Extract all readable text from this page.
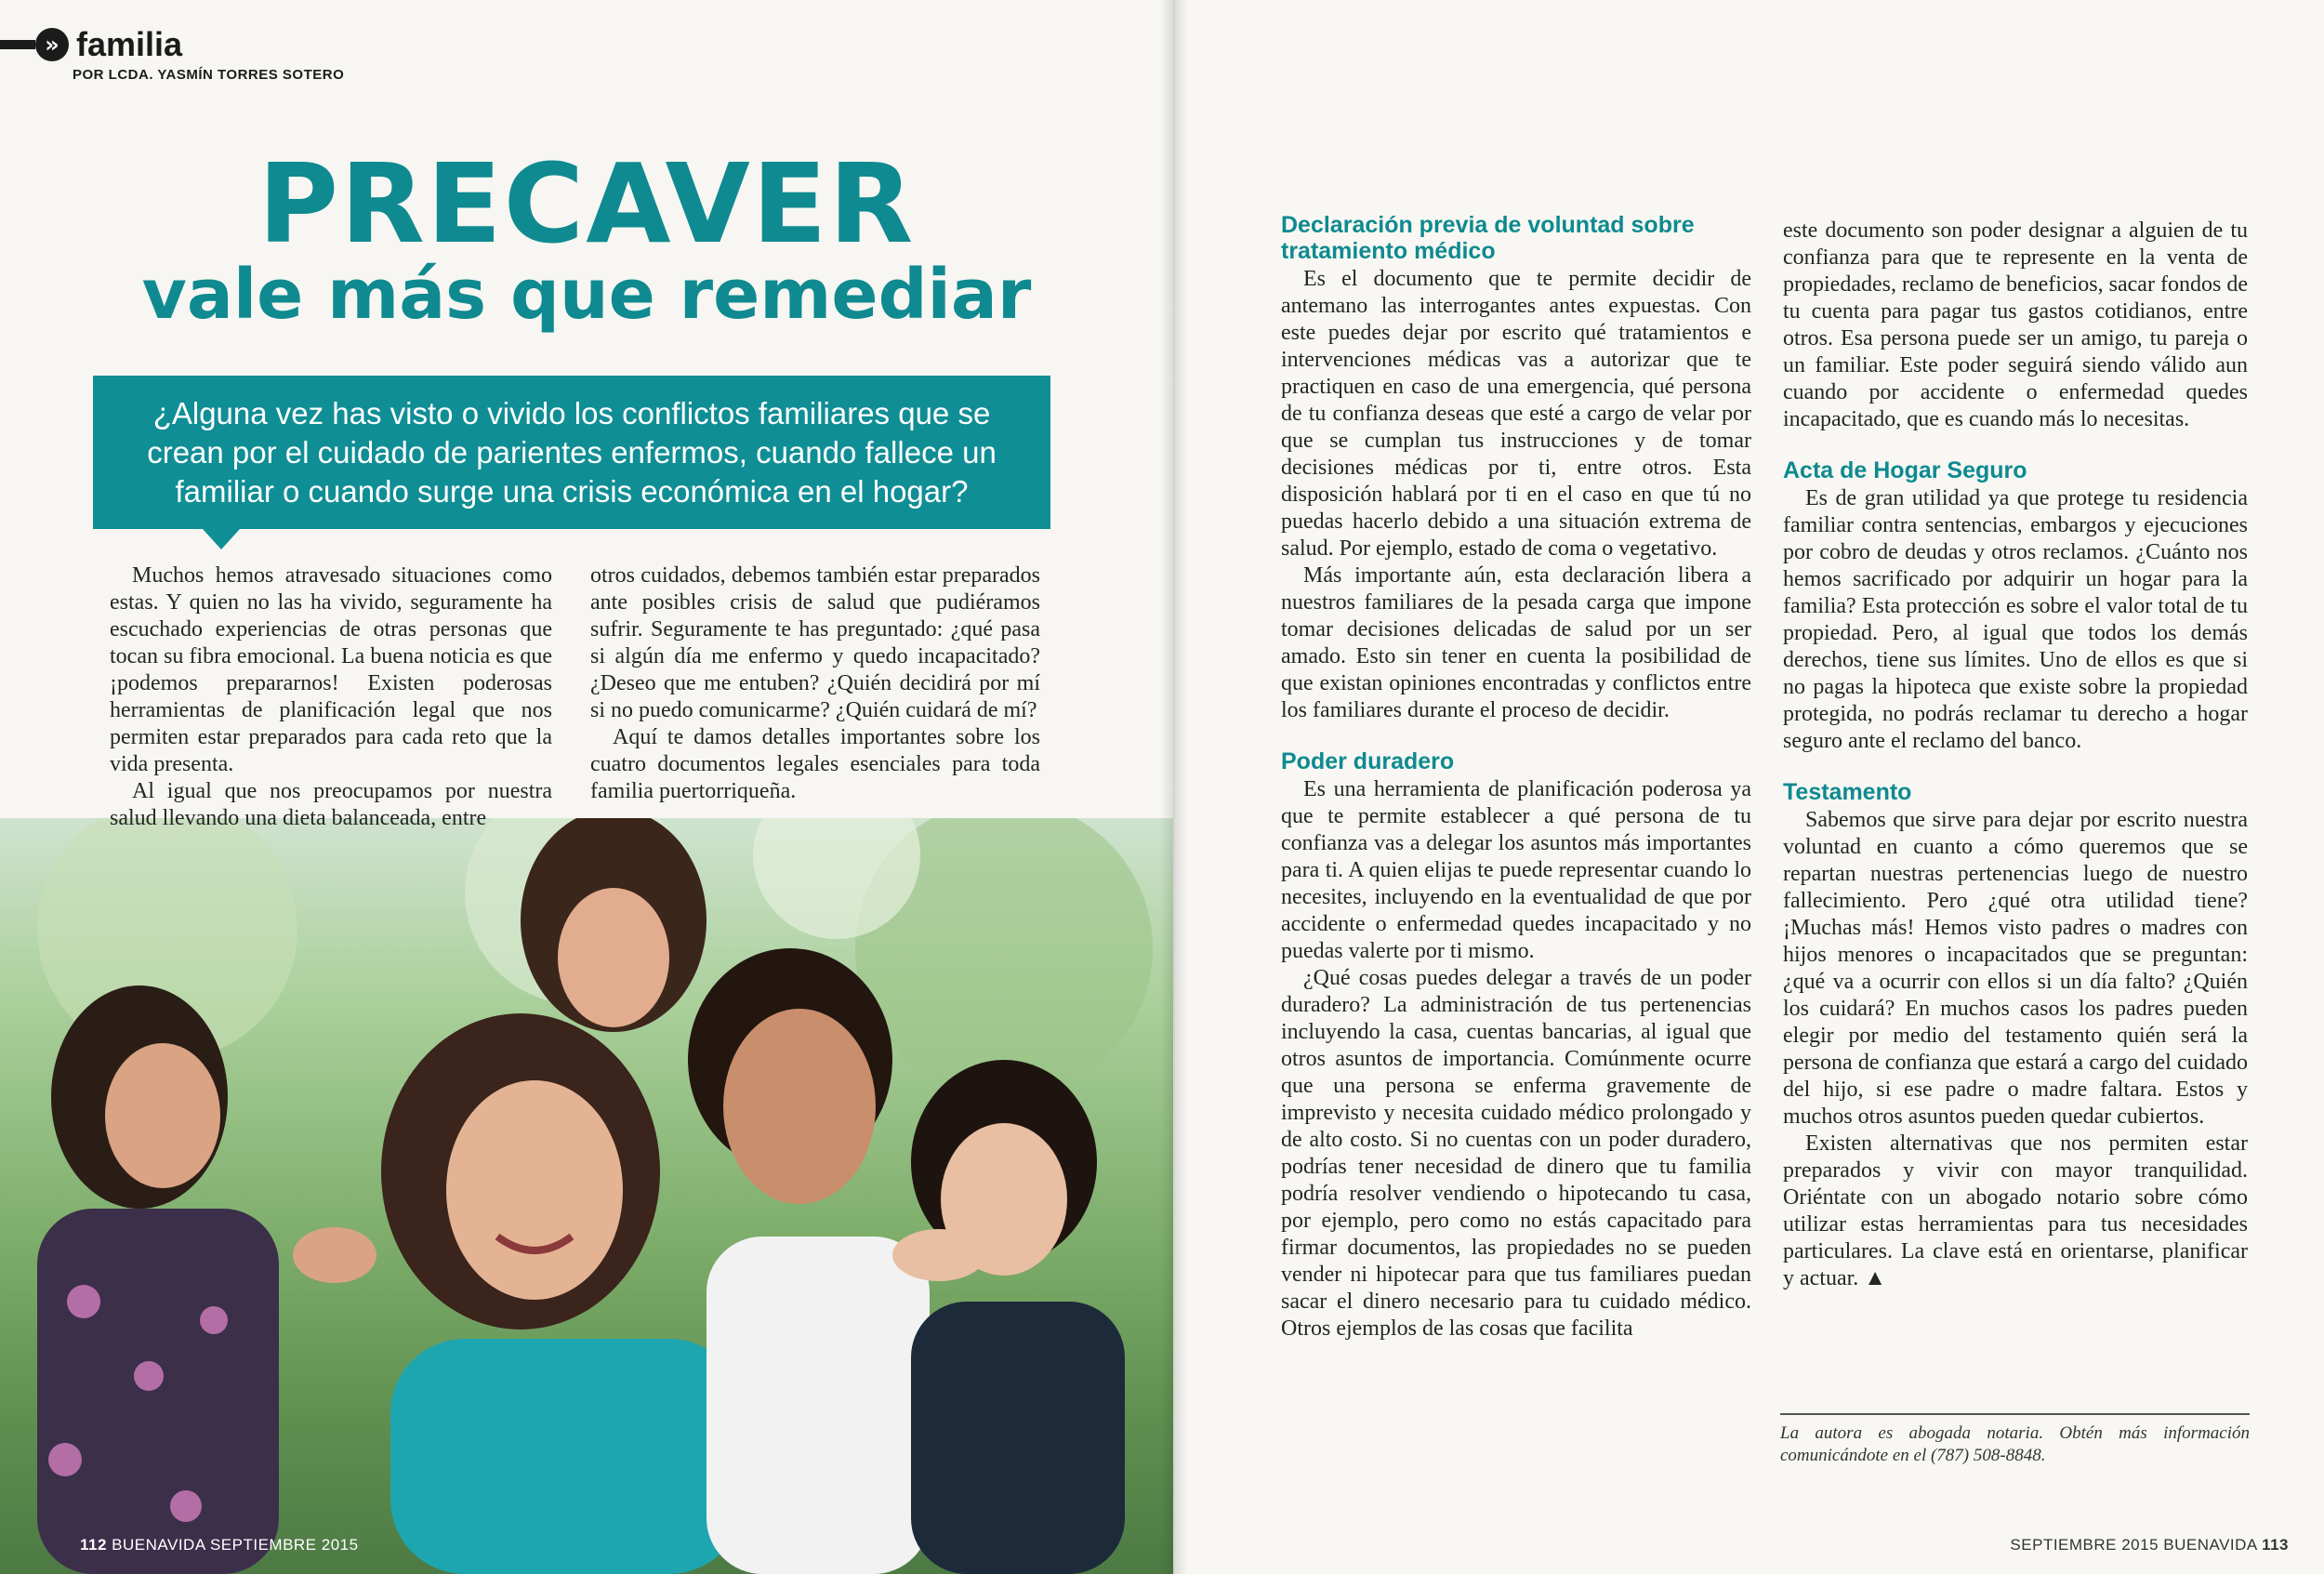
» familia
POR LCDA. YASMÍN TORRES SOTERO
PRECAVER
vale más que remediar
¿Alguna vez has visto o vivido los conflictos familiares que se crean por el cuidado de parientes enfermos, cuando fallece un familiar o cuando surge una crisis económica en el hogar?

Muchos hemos atravesado situaciones como estas. Y quien no las ha vivido, seguramente ha escuchado experiencias de otras personas que tocan su fibra emocional. La buena noticia es que ¡podemos prepararnos! Existen poderosas herramientas de planificación legal que nos permiten estar preparados para cada reto que la vida presenta.

Al igual que nos preocupamos por nuestra salud llevando una dieta balanceada, entre

otros cuidados, debemos también estar preparados ante posibles crisis de salud que pudiéramos sufrir. Seguramente te has preguntado: ¿qué pasa si algún día me enfermo y quedo incapacitado? ¿Deseo que me entuben? ¿Quién decidirá por mí si no puedo comunicarme? ¿Quién cuidará de mí?

Aquí te damos detalles importantes sobre los cuatro documentos legales esenciales para toda familia puertorriqueña.

112 BUENAVIDA SEPTIEMBRE 2015
Declaración previa de voluntad sobre tratamiento médico

Es el documento que te permite decidir de antemano las interrogantes antes expuestas. Con este puedes dejar por escrito qué tratamientos e intervenciones médicas vas a autorizar que te practiquen en caso de una emergencia, qué persona de tu confianza deseas que esté a cargo de velar por que se cumplan tus instrucciones y de tomar decisiones médicas por ti, entre otros. Esta disposición hablará por ti en el caso en que tú no puedas hacerlo debido a una situación extrema de salud. Por ejemplo, estado de coma o vegetativo.

Más importante aún, esta declaración libera a nuestros familiares de la pesada carga que impone tomar decisiones delicadas de salud por un ser amado. Esto sin tener en cuenta la posibilidad de que existan opiniones encontradas y conflictos entre los familiares durante el proceso de decidir.

Poder duradero

Es una herramienta de planificación poderosa ya que te permite establecer a qué persona de tu confianza vas a delegar los asuntos más importantes para ti. A quien elijas te puede representar cuando lo necesites, incluyendo en la eventualidad de que por accidente o enfermedad quedes incapacitado y no puedas valerte por ti mismo.

¿Qué cosas puedes delegar a través de un poder duradero? La administración de tus pertenencias incluyendo la casa, cuentas bancarias, al igual que otros asuntos de importancia. Comúnmente ocurre que una persona se enferma gravemente de imprevisto y necesita cuidado médico prolongado y de alto costo. Si no cuentas con un poder duradero, podrías tener necesidad de dinero que tu familia podría resolver vendiendo o hipotecando tu casa, por ejemplo, pero como no estás capacitado para firmar documentos, las propiedades no se pueden vender ni hipotecar para que tus familiares puedan sacar el dinero necesario para tu cuidado médico. Otros ejemplos de las cosas que facilita

este documento son poder designar a alguien de tu confianza para que te represente en la venta de propiedades, reclamo de beneficios, sacar fondos de tu cuenta para pagar tus gastos cotidianos, entre otros. Esa persona puede ser un amigo, tu pareja o un familiar. Este poder seguirá siendo válido aun cuando por accidente o enfermedad quedes incapacitado, que es cuando más lo necesitas.

Acta de Hogar Seguro

Es de gran utilidad ya que protege tu residencia familiar contra sentencias, embargos y ejecuciones por cobro de deudas y otros reclamos. ¿Cuánto nos hemos sacrificado por adquirir un hogar para la familia? Esta protección es sobre el valor total de tu propiedad. Pero, al igual que todos los demás derechos, tiene sus límites. Uno de ellos es que si no pagas la hipoteca que existe sobre la propiedad protegida, no podrás reclamar tu derecho a hogar seguro ante el reclamo del banco.

Testamento

Sabemos que sirve para dejar por escrito nuestra voluntad en cuanto a cómo queremos que se repartan nuestras pertenencias luego de nuestro fallecimiento. Pero ¿qué otra utilidad tiene? ¡Muchas más! Hemos visto padres o madres con hijos menores o incapacitados que se preguntan: ¿qué va a ocurrir con ellos si un día falto? ¿Quién los cuidará? En muchos casos los padres pueden elegir por medio del testamento quién será la persona de confianza que estará a cargo del cuidado del hijo, si ese padre o madre faltara. Estos y muchos otros asuntos pueden quedar cubiertos.

Existen alternativas que nos permiten estar preparados y vivir con mayor tranquilidad. Oriéntate con un abogado notario sobre cómo utilizar estas herramientas para tus necesidades particulares. La clave está en orientarse, planificar y actuar. ▲

La autora es abogada notaria. Obtén más información comunicándote en el (787) 508-8848.
SEPTIEMBRE 2015 BUENAVIDA 113
